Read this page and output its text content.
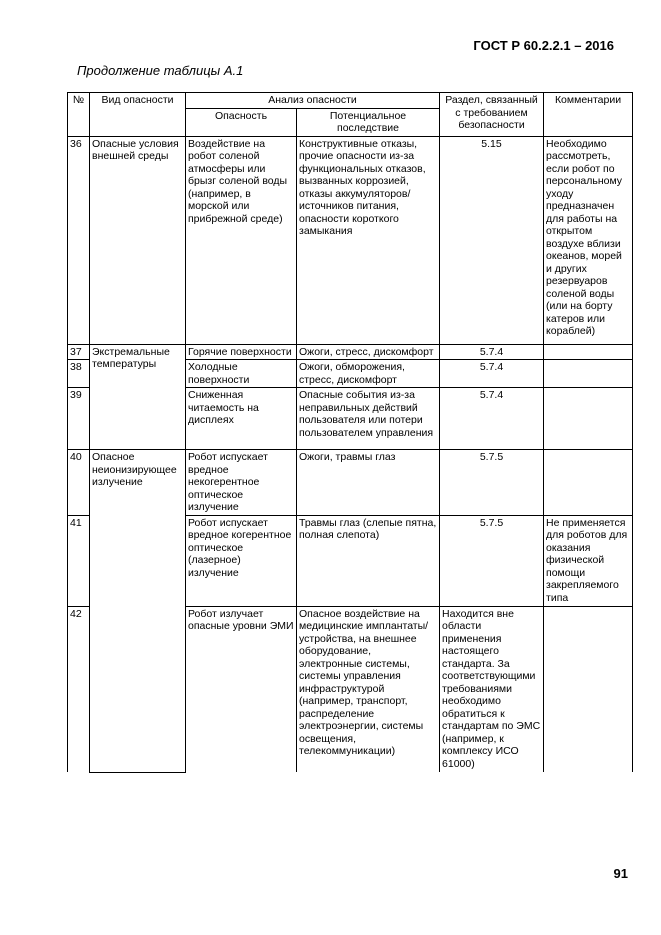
ГОСТ Р 60.2.2.1 – 2016
Продолжение таблицы А.1
№	Вид опасности	Анализ опасности		Раздел, связанный с требованием безопасности	Комментарии
		Опасность	Потенциальное последствие		
36	Опасные условия внешней среды	Воздействие на робот соленой атмосферы или брызг соленой воды (например, в морской или прибрежной среде)	Конструктивные отказы, прочие опасности из-за функциональных отказов, вызванных коррозией, отказы аккумуляторов/источников питания, опасности короткого замыкания	5.15	Необходимо рассмотреть, если робот по персональному уходу предназначен для работы на открытом воздухе вблизи океанов, морей и других резервуаров соленой воды (или на борту катеров или кораблей)
37	Экстремальные температуры	Горячие поверхности	Ожоги, стресс, дискомфорт	5.7.4	
38		Холодные поверхности	Ожоги, обморожения, стресс, дискомфорт	5.7.4	
39		Сниженная читаемость на дисплеях	Опасные события из-за неправильных действий пользователя или потери пользователем управления	5.7.4	
40	Опасное неионизирующее излучение	Робот испускает вредное некогерентное оптическое излучение	Ожоги, травмы глаз	5.7.5	
41		Робот испускает вредное когерентное оптическое (лазерное) излучение	Травмы глаз (слепые пятна, полная слепота)	5.7.5	Не применяется для роботов для оказания физической помощи закрепляемого типа
42		Робот излучает опасные уровни ЭМИ	Опасное воздействие на медицинские имплантаты/устройства, на внешнее оборудование, электронные системы, системы управления инфраструктурой (например, транспорт, распределение электроэнергии, системы освещения, телекоммуникации)	Находится вне области применения настоящего стандарта. За соответствующими требованиями необходимо обратиться к стандартам по ЭМС (например, к комплексу ИСО 61000)	
91
